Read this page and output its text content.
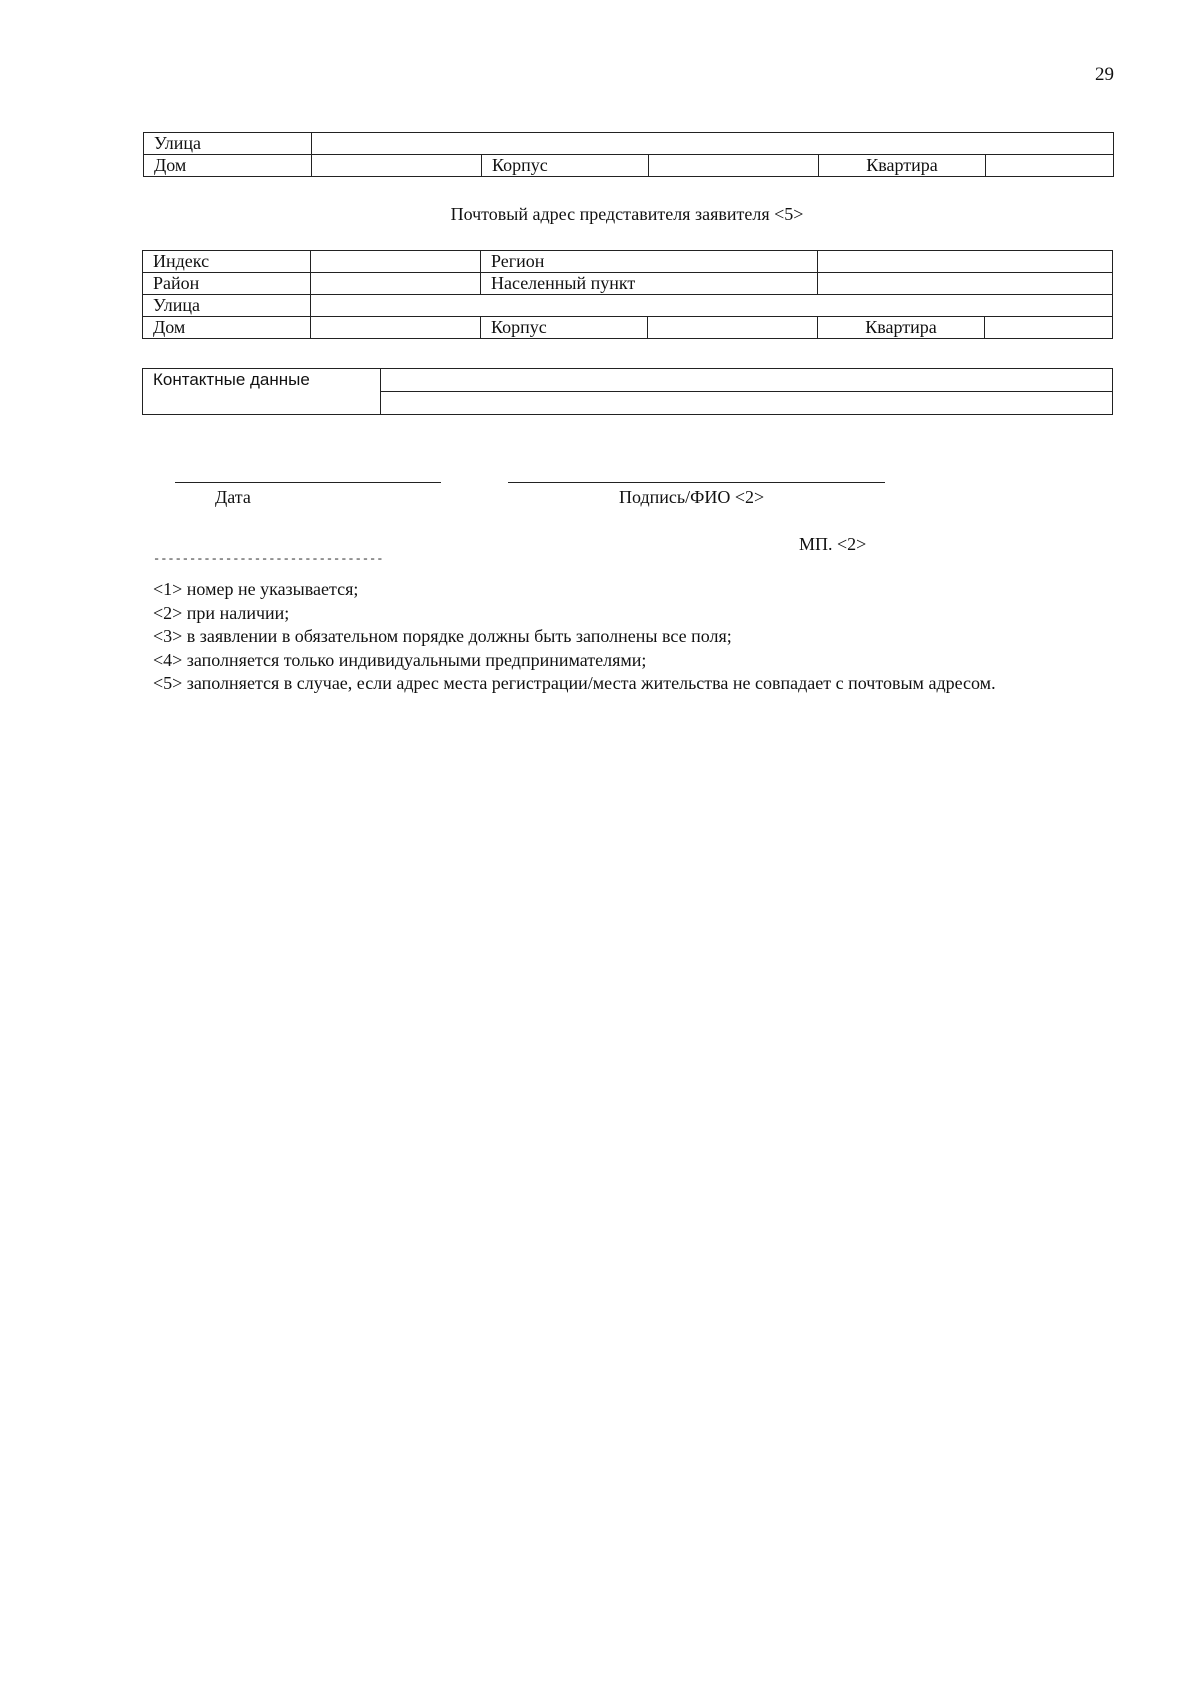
29
Улица					
Дом		Корпус		Квартира	
Почтовый адрес представителя заявителя <5>
Индекс		Регион			
Район		Населенный пункт			
Улица					
Дом		Корпус		Квартира	
Контактные данные	

Дата	Подпись/ФИО <2>
МП. <2>
--------------------------------
<1> номер не указывается;
<2> при наличии;
<3> в заявлении в обязательном порядке должны быть заполнены все поля;
<4> заполняется только индивидуальными предпринимателями;
<5> заполняется в случае, если адрес места регистрации/места жительства не совпадает с почтовым адресом.
